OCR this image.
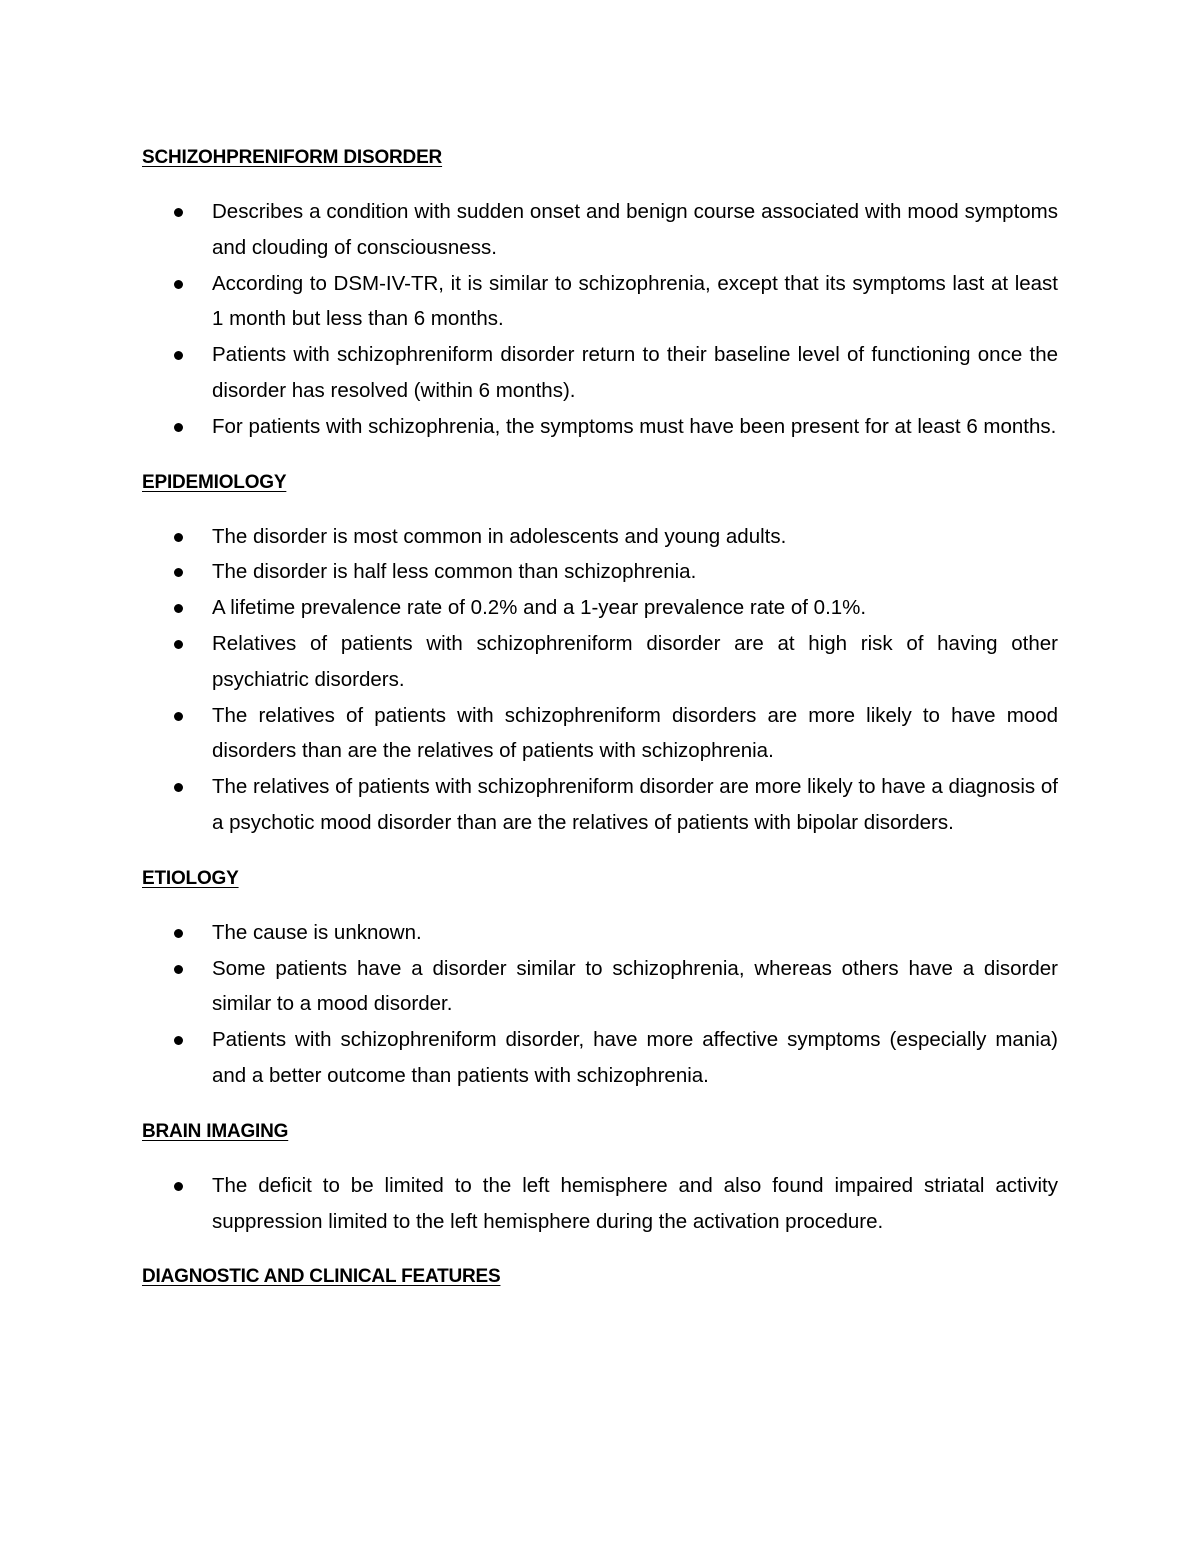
SCHIZOHPRENIFORM DISORDER
Describes a condition with sudden onset and benign course associated with mood symptoms and clouding of consciousness.
According to DSM-IV-TR, it is similar to schizophrenia, except that its symptoms last at least 1 month but less than 6 months.
Patients with schizophreniform disorder return to their baseline level of functioning once the disorder has resolved (within 6 months).
For patients with schizophrenia, the symptoms must have been present for at least 6 months.
EPIDEMIOLOGY
The disorder is most common in adolescents and young adults.
The disorder is half less common than schizophrenia.
A lifetime prevalence rate of 0.2% and a 1-year prevalence rate of 0.1%.
Relatives of patients with schizophreniform disorder are at high risk of having other psychiatric disorders.
The relatives of patients with schizophreniform disorders are more likely to have mood disorders than are the relatives of patients with schizophrenia.
The relatives of patients with schizophreniform disorder are more likely to have a diagnosis of a psychotic mood disorder than are the relatives of patients with bipolar disorders.
ETIOLOGY
The cause is unknown.
Some patients have a disorder similar to schizophrenia, whereas others have a disorder similar to a mood disorder.
Patients with schizophreniform disorder, have more affective symptoms (especially mania) and a better outcome than patients with schizophrenia.
BRAIN IMAGING
The deficit to be limited to the left hemisphere and also found impaired striatal activity suppression limited to the left hemisphere during the activation procedure.
DIAGNOSTIC AND CLINICAL FEATURES
